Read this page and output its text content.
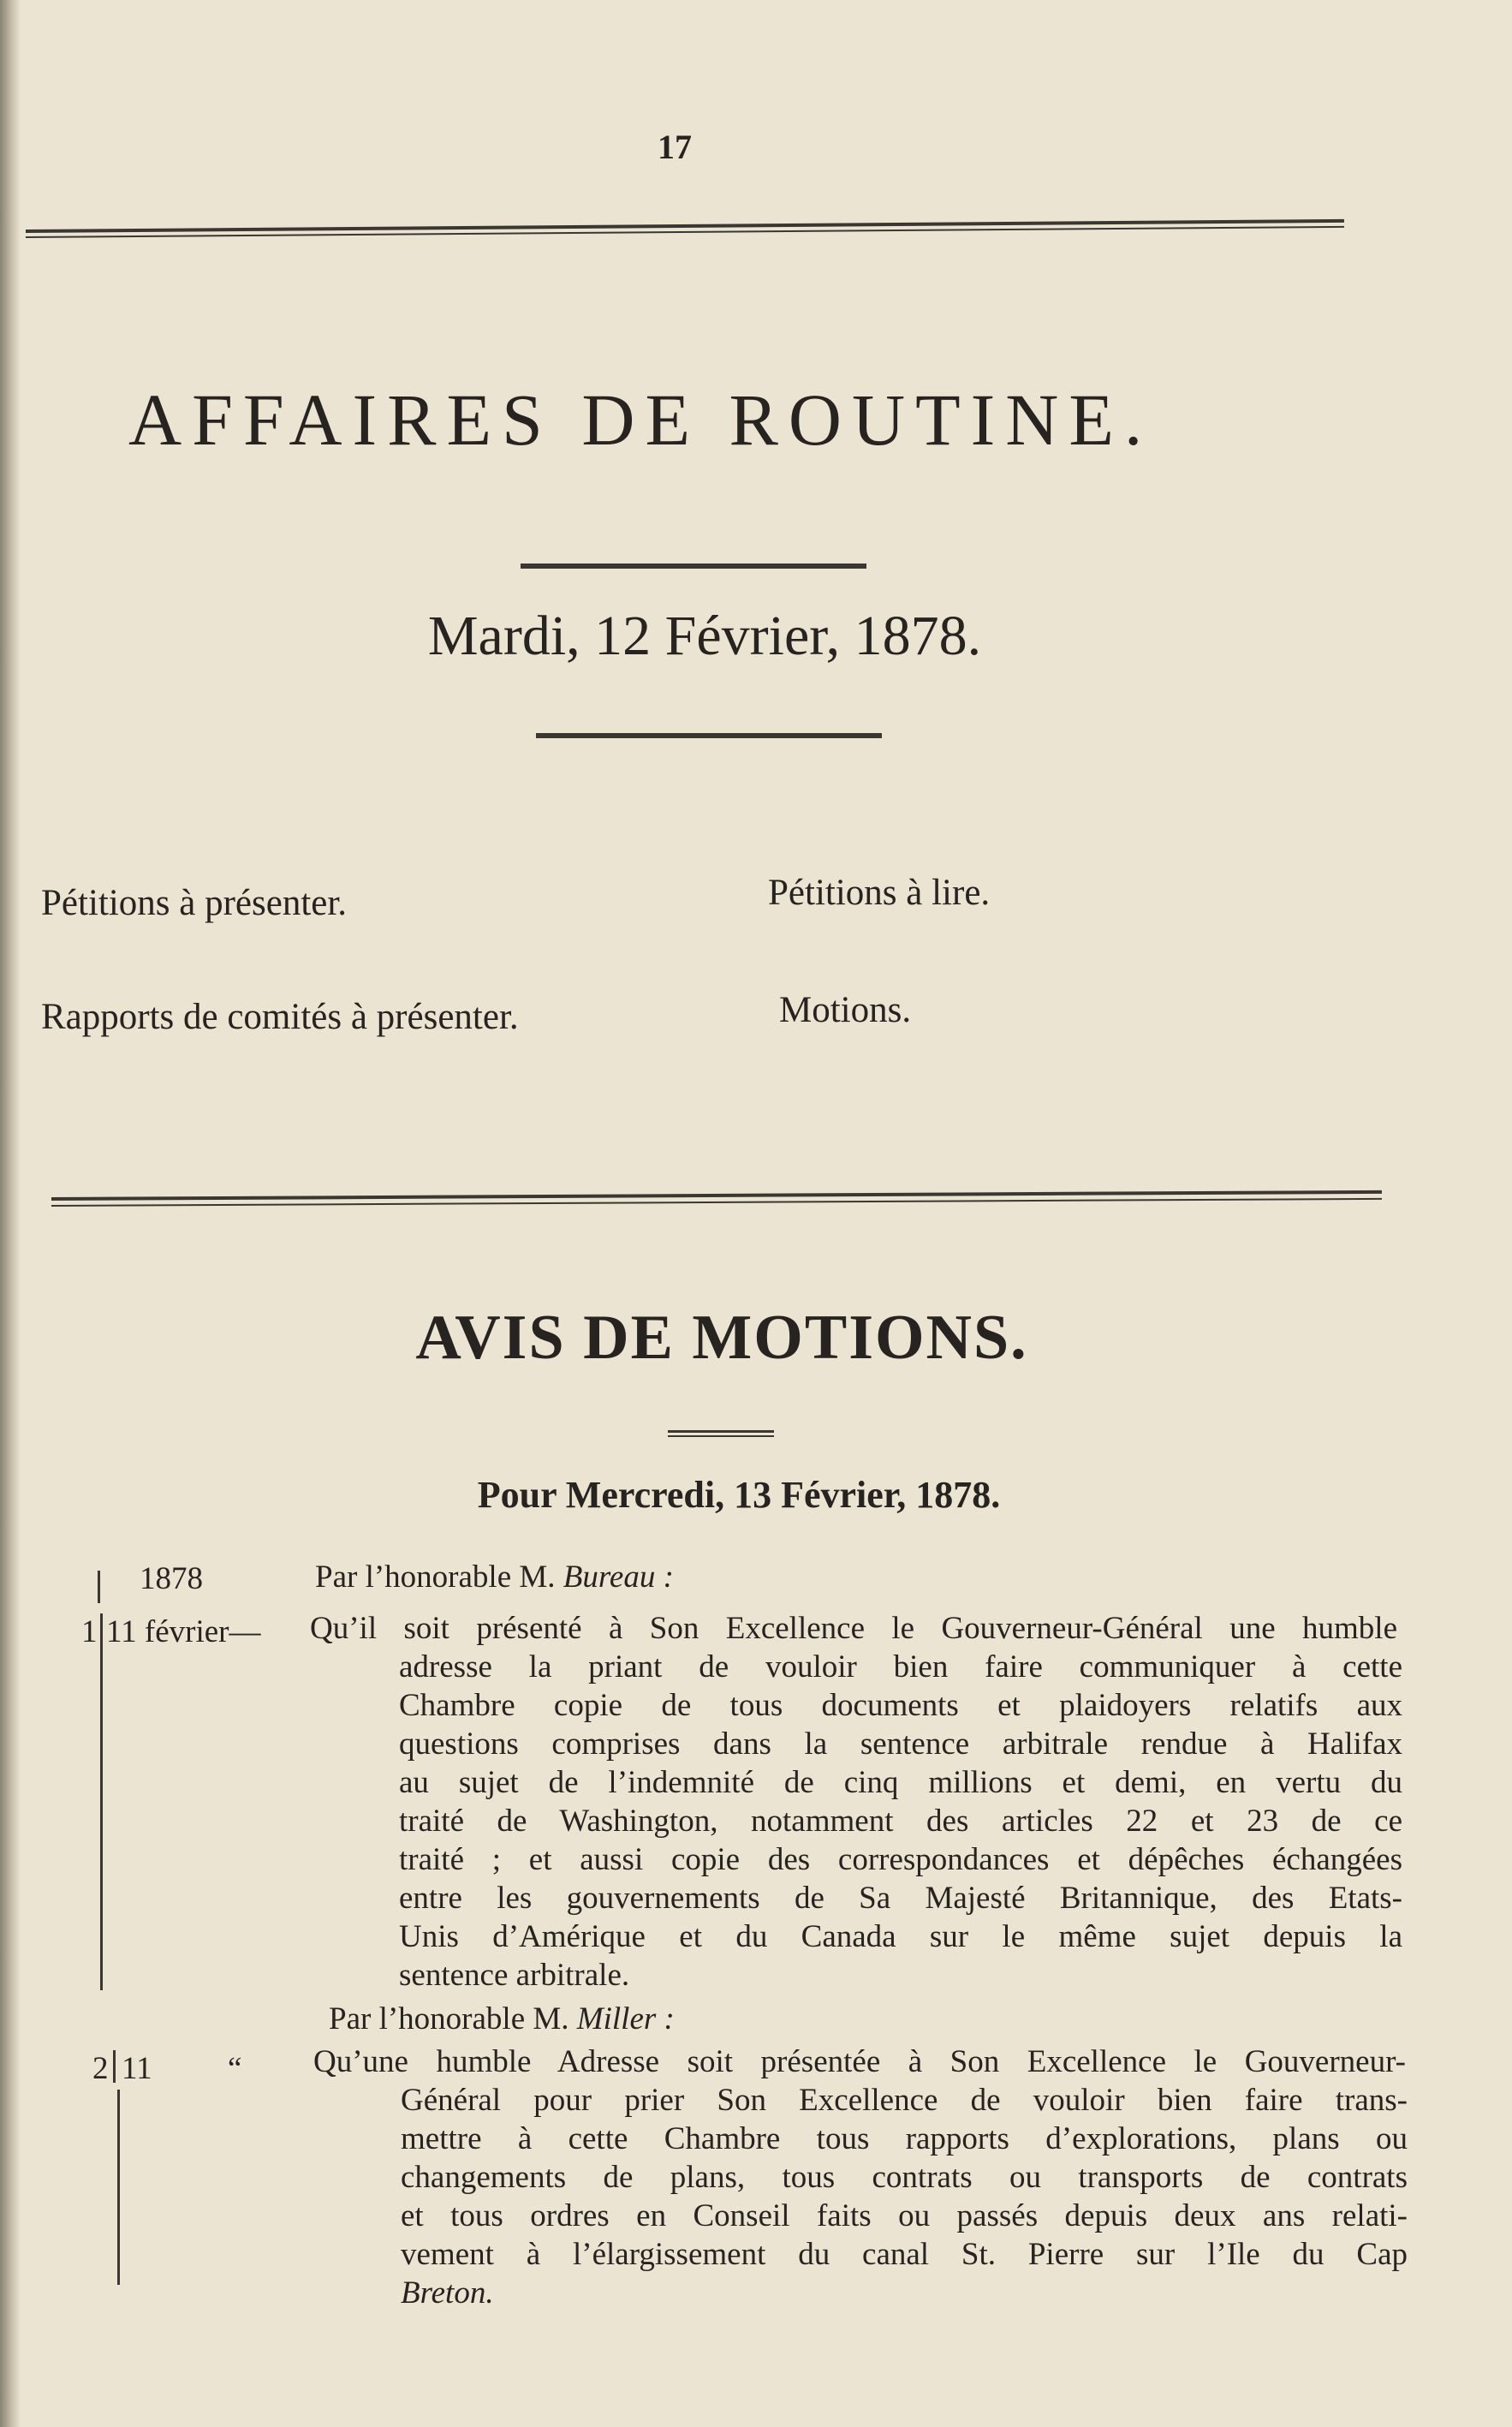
17
AFFAIRES DE ROUTINE.
Mardi, 12 Février, 1878.
Pétitions à présenter.	Pétitions à lire.
Rapports de comités à présenter.	Motions.
AVIS DE MOTIONS.
Pour Mercredi, 13 Février, 1878.
1878	Par l’honorable M. Bureau :
1 11 février— Qu’il soit présenté à Son Excellence le Gouverneur-Général une humble
adresse la priant de vouloir bien faire communiquer à cette
Chambre copie de tous documents et plaidoyers relatifs aux
questions comprises dans la sentence arbitrale rendue à Halifax
au sujet de l’indemnité de cinq millions et demi, en vertu du
traité de Washington, notamment des articles 22 et 23 de ce
traité ; et aussi copie des correspondances et dépêches échangées
entre les gouvernements de Sa Majesté Britannique, des Etats-
Unis d’Amérique et du Canada sur le même sujet depuis la
sentence arbitrale.
Par l’honorable M. Miller :
2 11 “ Qu’une humble Adresse soit présentée à Son Excellence le Gouverneur-
Général pour prier Son Excellence de vouloir bien faire trans-
mettre à cette Chambre tous rapports d’explorations, plans ou
changements de plans, tous contrats ou transports de contrats
et tous ordres en Conseil faits ou passés depuis deux ans relati-
vement à l’élargissement du canal St. Pierre sur l’Ile du Cap
Breton.
